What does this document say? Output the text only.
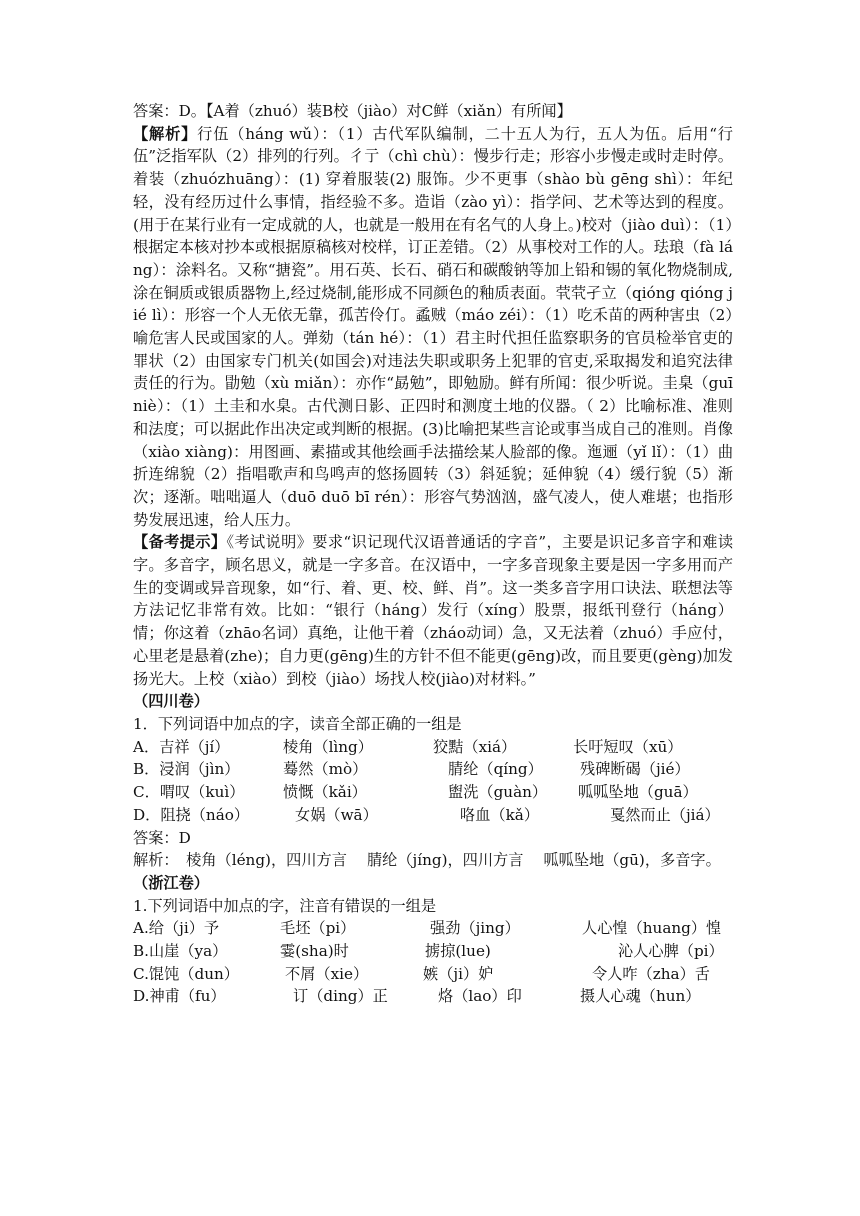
答案：D。【A着（zhuó）装B校（jiào）对C鲜（xiǎn）有所闻】

【解析】行伍（háng wǔ）：（1）古代军队编制，二十五人为行，五人为伍。后用“行伍”泛指军队（2）排列的行列。彳亍（chì chù）：慢步行走；形容小步慢走或时走时停。着装（zhuózhuāng）：(1) 穿着服装(2) 服饰。少不更事（shào bù gēng shì）：年纪轻，没有经历过什么事情，指经验不多。造诣（zào yì）：指学问、艺术等达到的程度。(用于在某行业有一定成就的人，也就是一般用在有名气的人身上。)校对（jiào duì）：（1）根据定本核对抄本或根据原稿核对校样，订正差错。（2）从事校对工作的人。珐琅（fà láng）：涂料名。又称“搪瓷”。用石英、长石、硝石和碳酸钠等加上铅和锡的氧化物烧制成,涂在铜质或银质器物上,经过烧制,能形成不同颜色的釉质表面。茕茕孑立（qióng qióng jié lì）：形容一个人无依无靠，孤苦伶仃。蟊贼（máo zéi）：（1）吃禾苗的两种害虫（2）喻危害人民或国家的人。弹劾（tán hé）：（1）君主时代担任监察职务的官员检举官吏的罪状（2）由国家专门机关(如国会)对违法失职或职务上犯罪的官吏,采取揭发和追究法律责任的行为。勖勉（xù miǎn）：亦作“勗勉”，即勉励。鲜有所闻：很少听说。圭臬（guī niè）：（1）土圭和水臬。古代测日影、正四时和测度土地的仪器。（ 2）比喻标准、准则和法度；可以据此作出决定或判断的根据。(3)比喻把某些言论或事当成自己的准则。肖像（xiào xiàng)：用图画、素描或其他绘画手法描绘某人脸部的像。迤逦（yǐ lǐ）：（1）曲折连绵貌（2）指唱歌声和鸟鸣声的悠扬圆转（3）斜延貌；延伸貌（4）缓行貌（5）渐次；逐渐。咄咄逼人（duō duō bī rén）：形容气势汹汹，盛气凌人，使人难堪；也指形势发展迅速，给人压力。

【备考提示】《考试说明》要求“识记现代汉语普通话的字音”，主要是识记多音字和难读字。多音字，顾名思义，就是一字多音。在汉语中，一字多音现象主要是因一字多用而产生的变调或异音现象，如“行、着、更、校、鲜、肖”。这一类多音字用口诀法、联想法等方法记忆非常有效。比如：“银行（háng）发行（xíng）股票，报纸刊登行（háng）情；你这着（zhāo名词）真绝，让他干着（zháo动词）急，又无法着（zhuó）手应付，心里老是悬着(zhe)；自力更(gēng)生的方针不但不能更(gēng)改，而且要更(gèng)加发扬光大。上校（xiào）到校（jiào）场找人校(jiào)对材料。”

（四川卷）

1．下列词语中加点的字，读音全部正确的一组是

A．吉祥（jí）	棱角（lìng）	狡黠（xiá）	长吁短叹（xū）
B．浸润（jìn）	蓦然（mò）	腈纶（qíng）	残碑断碣（jié）
C．喟叹（kuì）	愤慨（kǎi）	盥洗（guàn）	呱呱坠地（guā）
D．阻挠（náo）	女娲（wā）	咯血（kǎ）	戛然而止（jiá）

答案：D

解析：　棱角（léng)，四川方言　 腈纶（jíng)，四川方言　 呱呱坠地（gū)，多音字。

（浙江卷）

1.下列词语中加点的字，注音有错误的一组是

A.给（ji）予	毛坯（pi）	强劲（jing）	人心惶（huang）惶
B.山崖（ya）	霎(sha)时	掳掠(lue)	沁人心脾（pi）
C.馄饨（dun）	不屑（xie）	嫉（ji）妒	令人咋（zha）舌
D.神甫（fu）	订（ding）正	烙（lao）印	摄人心魂（hun）
